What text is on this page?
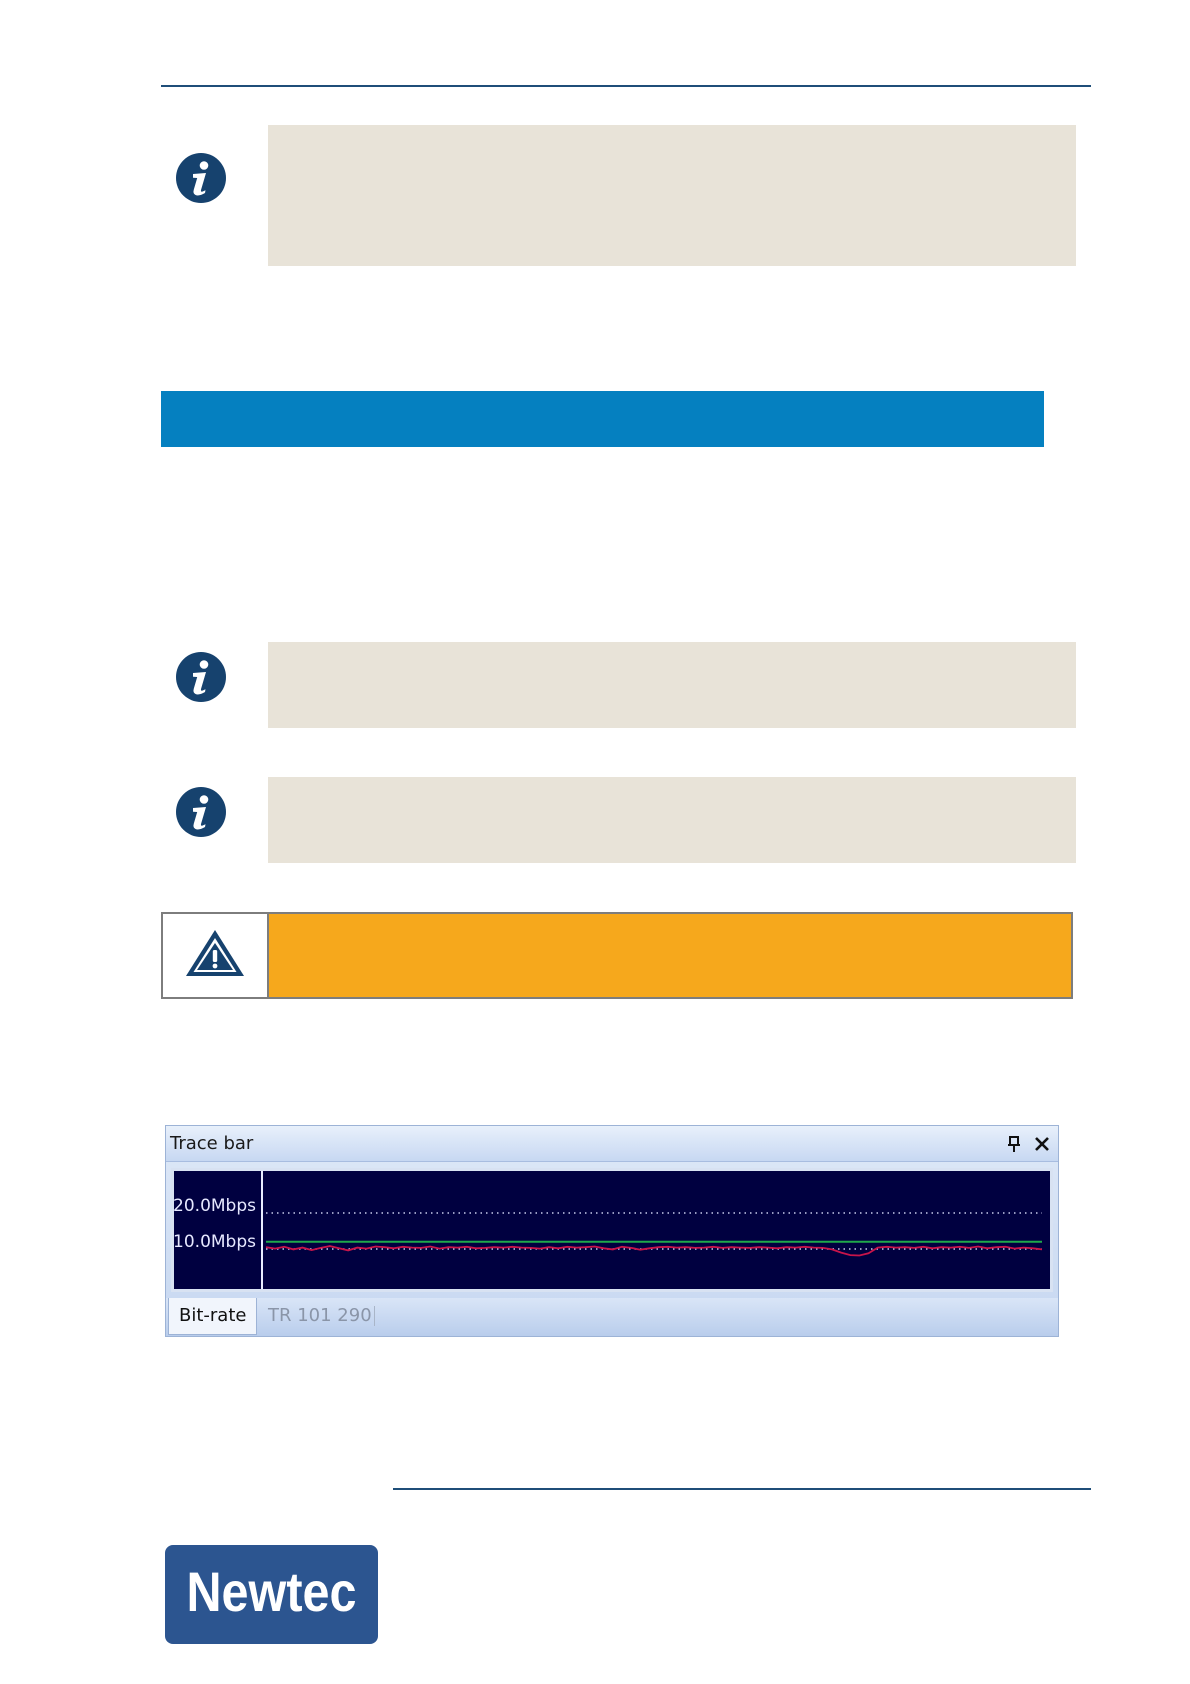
Trace bar
20.0Mbps
10.0Mbps
Bit-rate	TR 101 290
Newtec
